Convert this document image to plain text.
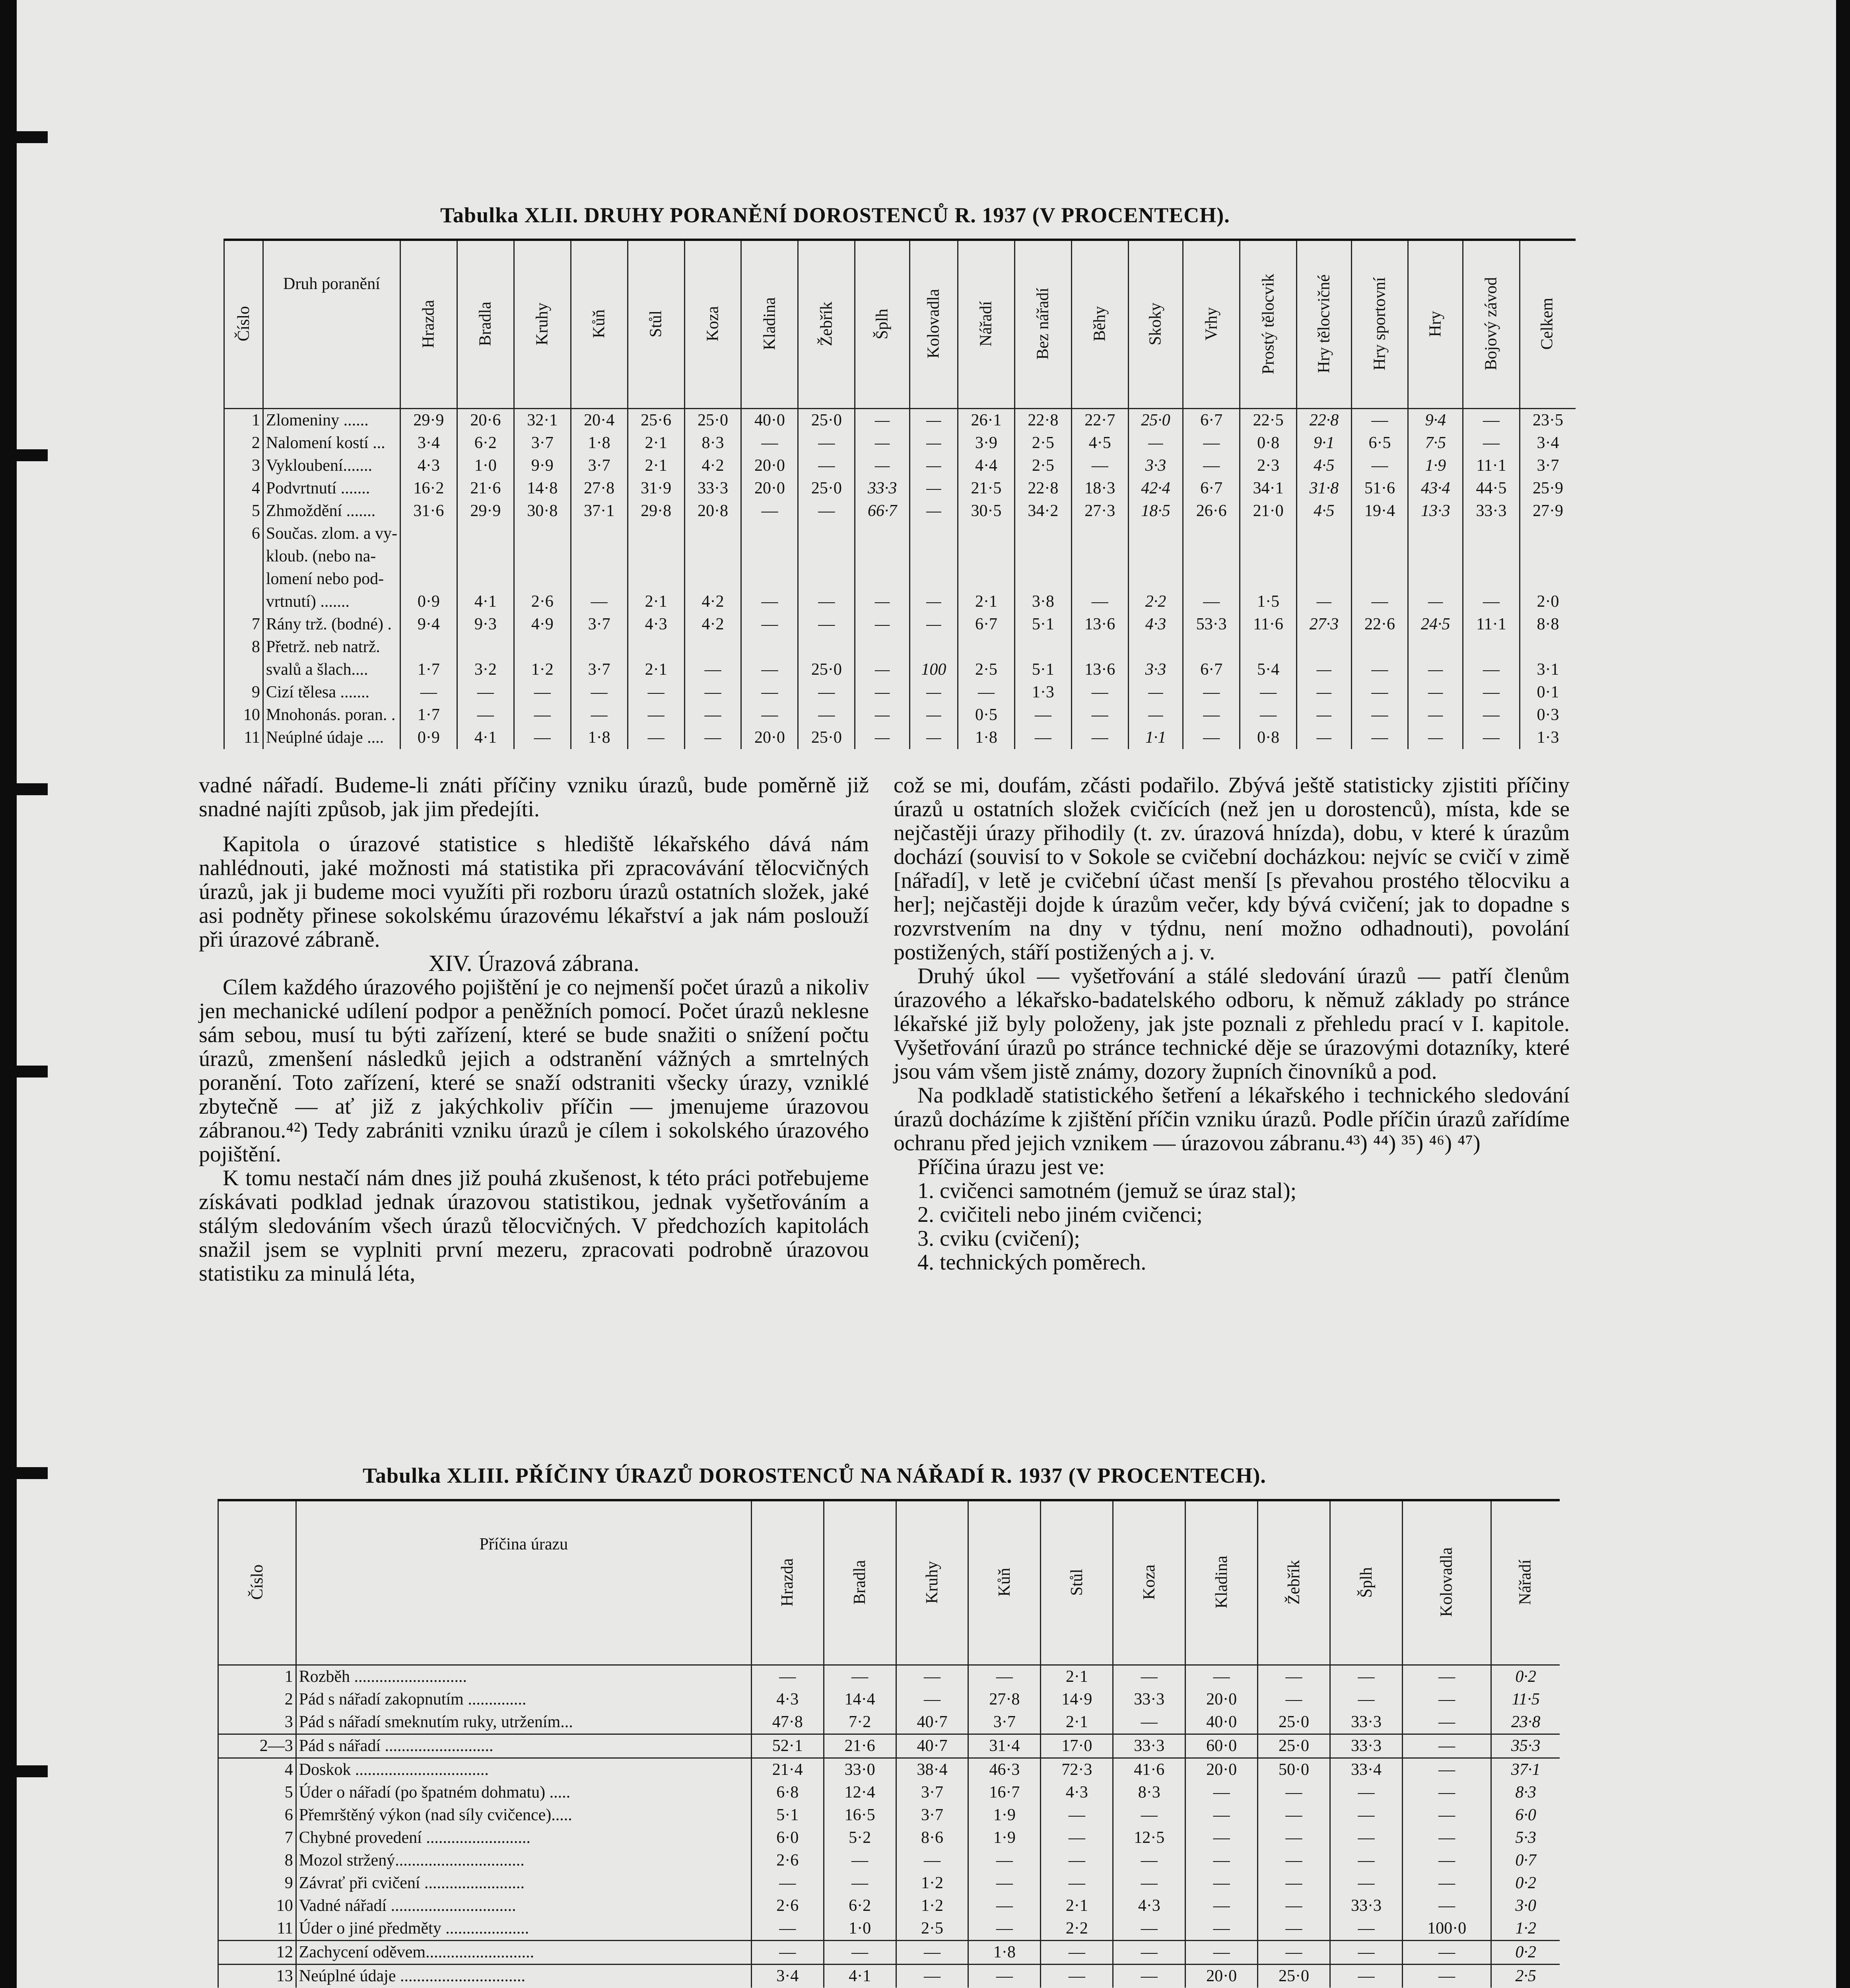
Tabulka XLII. DRUHY PORANĚNÍ DOROSTENCŮ R. 1937 (V PROCENTECH).
Číslo	Druh poranění	Hrazda	Bradla	Kruhy	Kůň	Stůl	Koza	Kladina	Žebřík	Šplh	Kolovadla	Nářadí	Bez nářadí	Běhy	Skoky	Vrhy	Prostý tělocvik	Hry tělocvičné	Hry sportovní	Hry	Bojový závod	Celkem
1	Zlomeniny ......	29·9	20·6	32·1	20·4	25·6	25·0	40·0	25·0	—	—	26·1	22·8	22·7	25·0	6·7	22·5	22·8	—	9·4	—	23·5
2	Nalomení kostí ...	3·4	6·2	3·7	1·8	2·1	8·3	—	—	—	—	3·9	2·5	4·5	—	—	0·8	9·1	6·5	7·5	—	3·4
3	Vykloubení.......	4·3	1·0	9·9	3·7	2·1	4·2	20·0	—	—	—	4·4	2·5	—	3·3	—	2·3	4·5	—	1·9	11·1	3·7
4	Podvrtnutí .......	16·2	21·6	14·8	27·8	31·9	33·3	20·0	25·0	33·3	—	21·5	22·8	18·3	42·4	6·7	34·1	31·8	51·6	43·4	44·5	25·9
5	Zhmoždění .......	31·6	29·9	30·8	37·1	29·8	20·8	—	—	66·7	—	30·5	34·2	27·3	18·5	26·6	21·0	4·5	19·4	13·3	33·3	27·9
6	Součas. zlom. a vy-																					
	kloub. (nebo na-																					
	lomení nebo pod-																					
	vrtnutí) .......	0·9	4·1	2·6	—	2·1	4·2	—	—	—	—	2·1	3·8	—	2·2	—	1·5	—	—	—	—	2·0
7	Rány trž. (bodné) .	9·4	9·3	4·9	3·7	4·3	4·2	—	—	—	—	6·7	5·1	13·6	4·3	53·3	11·6	27·3	22·6	24·5	11·1	8·8
8	Přetrž. neb natrž.																					
	svalů a šlach....	1·7	3·2	1·2	3·7	2·1	—	—	25·0	—	100	2·5	5·1	13·6	3·3	6·7	5·4	—	—	—	—	3·1
9	Cizí tělesa .......	—	—	—	—	—	—	—	—	—	—	—	1·3	—	—	—	—	—	—	—	—	0·1
10	Mnohonás. poran. .	1·7	—	—	—	—	—	—	—	—	—	0·5	—	—	—	—	—	—	—	—	—	0·3
11	Neúplné údaje ....	0·9	4·1	—	1·8	—	—	20·0	25·0	—	—	1·8	—	—	1·1	—	0·8	—	—	—	—	1·3

vadné nářadí. Budeme-li znáti příčiny vzniku úrazů, bude poměrně již snadné najíti způsob, jak jim předejíti.

Kapitola o úrazové statistice s hlediště lékařského dává nám nahlédnouti, jaké možnosti má statistika při zpracovávání tělocvičných úrazů, jak ji budeme moci využíti při rozboru úrazů ostatních složek, jaké asi podněty přinese sokolskému úrazovému lékařství a jak nám poslouží při úrazové zábraně.

XIV. Úrazová zábrana.

Cílem každého úrazového pojištění je co nejmenší počet úrazů a nikoliv jen mechanické udílení podpor a peněžních pomocí. Počet úrazů neklesne sám sebou, musí tu býti zařízení, které se bude snažiti o snížení počtu úrazů, zmenšení následků jejich a odstranění vážných a smrtelných poranění. Toto zařízení, které se snaží odstraniti všecky úrazy, vzniklé zbytečně — ať již z jakýchkoliv příčin — jmenujeme úrazovou zábranou.⁴²) Tedy zabrániti vzniku úrazů je cílem i sokolského úrazového pojištění.

K tomu nestačí nám dnes již pouhá zkušenost, k této práci potřebujeme získávati podklad jednak úrazovou statistikou, jednak vyšetřováním a stálým sledováním všech úrazů tělocvičných. V předchozích kapitolách snažil jsem se vyplniti první mezeru, zpracovati podrobně úrazovou statistiku za minulá léta,

což se mi, doufám, zčásti podařilo. Zbývá ještě statisticky zjistiti příčiny úrazů u ostatních složek cvičících (než jen u dorostenců), místa, kde se nejčastěji úrazy přihodily (t. zv. úrazová hnízda), dobu, v které k úrazům dochází (souvisí to v Sokole se cvičební docházkou: nejvíc se cvičí v zimě [nářadí], v letě je cvičební účast menší [s převahou prostého tělocviku a her]; nejčastěji dojde k úrazům večer, kdy bývá cvičení; jak to dopadne s rozvrstvením na dny v týdnu, není možno odhadnouti), povolání postižených, stáří postižených a j. v.

Druhý úkol — vyšetřování a stálé sledování úrazů — patří členům úrazového a lékařsko-badatelského odboru, k němuž základy po stránce lékařské již byly položeny, jak jste poznali z přehledu prací v I. kapitole. Vyšetřování úrazů po stránce technické děje se úrazovými dotazníky, které jsou vám všem jistě známy, dozory župních činovníků a pod.

Na podkladě statistického šetření a lékařského i technického sledování úrazů docházíme k zjištění příčin vzniku úrazů. Podle příčin úrazů zařídíme ochranu před jejich vznikem — úrazovou zábranu.⁴³) ⁴⁴) ³⁵) ⁴⁶) ⁴⁷)

Příčina úrazu jest ve:

1. cvičenci samotném (jemuž se úraz stal);

2. cvičiteli nebo jiném cvičenci;

3. cviku (cvičení);

4. technických poměrech.

Tabulka XLIII. PŘÍČINY ÚRAZŮ DOROSTENCŮ NA NÁŘADÍ R. 1937 (V PROCENTECH).
Číslo	Příčina úrazu	Hrazda	Bradla	Kruhy	Kůň	Stůl	Koza	Kladina	Žebřík	Šplh	Kolovadla	Nářadí
1	Rozběh ...........................	—	—	—	—	2·1	—	—	—	—	—	0·2
2	Pád s nářadí zakopnutím ..............	4·3	14·4	—	27·8	14·9	33·3	20·0	—	—	—	11·5
3	Pád s nářadí smeknutím ruky, utržením...	47·8	7·2	40·7	3·7	2·1	—	40·0	25·0	33·3	—	23·8
2—3	Pád s nářadí ..........................	52·1	21·6	40·7	31·4	17·0	33·3	60·0	25·0	33·3	—	35·3
4	Doskok ................................	21·4	33·0	38·4	46·3	72·3	41·6	20·0	50·0	33·4	—	37·1
5	Úder o nářadí (po špatném dohmatu) .....	6·8	12·4	3·7	16·7	4·3	8·3	—	—	—	—	8·3
6	Přemrštěný výkon (nad síly cvičence).....	5·1	16·5	3·7	1·9	—	—	—	—	—	—	6·0
7	Chybné provedení .........................	6·0	5·2	8·6	1·9	—	12·5	—	—	—	—	5·3
8	Mozol stržený...............................	2·6	—	—	—	—	—	—	—	—	—	0·7
9	Závrať při cvičení ........................	—	—	1·2	—	—	—	—	—	—	—	0·2
10	Vadné nářadí ..............................	2·6	6·2	1·2	—	2·1	4·3	—	—	33·3	—	3·0
11	Úder o jiné předměty ....................	—	1·0	2·5	—	2·2	—	—	—	—	100·0	1·2
12	Zachycení oděvem..........................	—	—	—	1·8	—	—	—	—	—	—	0·2
13	Neúplné údaje ..............................	3·4	4·1	—	—	—	—	20·0	25·0	—	—	2·5
